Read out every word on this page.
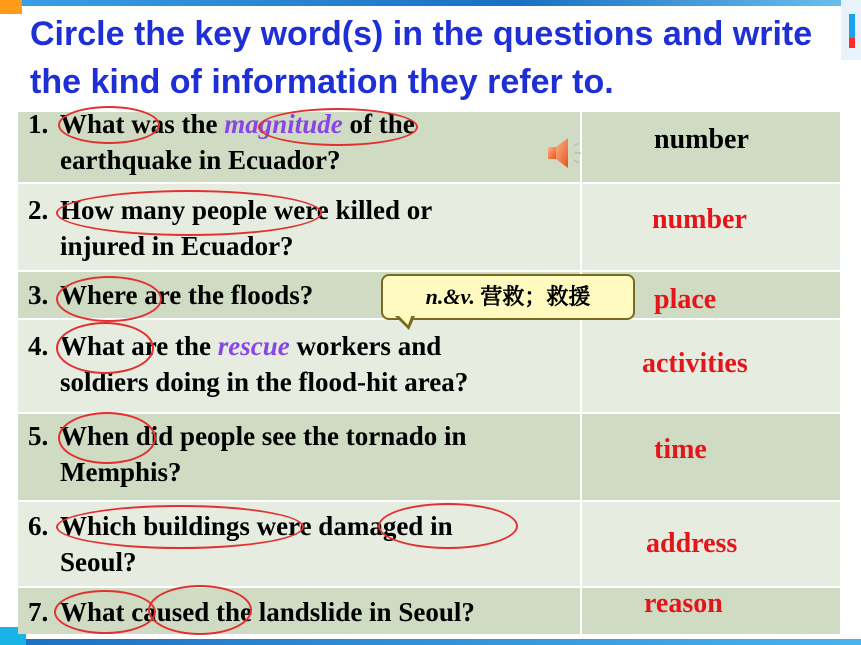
Circle the key word(s) in the questions and write the kind of information they refer to.
1. What was the magnitude of the
earthquake in Ecuador?
number
2. How many people were killed or
injured in Ecuador?
number
3. Where are the floods?	place
4. What are the rescue workers and
soldiers doing in the flood-hit area?
activities
5. When did people see the tornado in
Memphis?
time
6. Which buildings were damaged in
Seoul?
address
7. What caused the landslide in Seoul?	reason
n.&v. 营救；救援
